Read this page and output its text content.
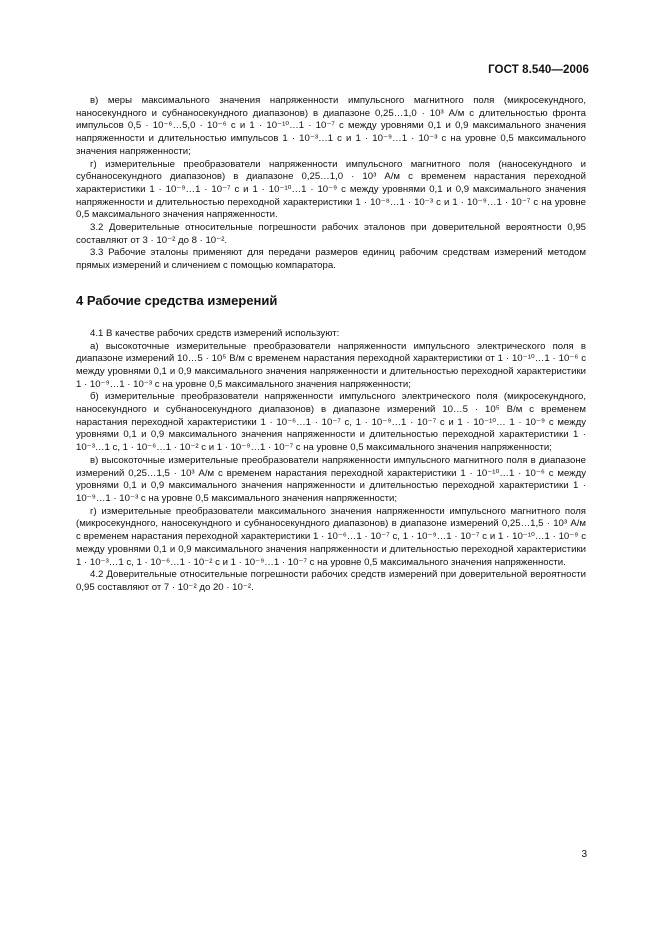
ГОСТ 8.540—2006

в) меры максимального значения напряженности импульсного магнитного поля (микросекундного, наносекундного и субнаносекундного диапазонов) в диапазоне 0,25…1,0 · 10³ А/м с длительностью фронта импульсов 0,5 · 10⁻⁶…5,0 · 10⁻⁶ с и 1 · 10⁻¹⁰…1 · 10⁻⁷ с между уровнями 0,1 и 0,9 максимального значения напряженности и длительностью импульсов 1 · 10⁻³…1 с и 1 · 10⁻⁹…1 · 10⁻³ с на уровне 0,5 максимального значения напряженности;

г) измерительные преобразователи напряженности импульсного магнитного поля (наносекундного и субнаносекундного диапазонов) в диапазоне 0,25…1,0 · 10³ А/м с временем нарастания переходной характеристики 1 · 10⁻⁹…1 · 10⁻⁷ с и 1 · 10⁻¹⁰…1 · 10⁻⁹ с между уровнями 0,1 и 0,9 максимального значения напряженности и длительностью переходной характеристики 1 · 10⁻⁸…1 · 10⁻³ с и 1 · 10⁻⁹…1 · 10⁻⁷ с на уровне 0,5 максимального значения напряженности.

3.2 Доверительные относительные погрешности рабочих эталонов при доверительной вероятности 0,95 составляют от 3 · 10⁻² до 8 · 10⁻².

3.3 Рабочие эталоны применяют для передачи размеров единиц рабочим средствам измерений методом прямых измерений и сличением с помощью компаратора.

4 Рабочие средства измерений

4.1 В качестве рабочих средств измерений используют:

а) высокоточные измерительные преобразователи напряженности импульсного электрического поля в диапазоне измерений 10…5 · 10⁵ В/м с временем нарастания переходной характеристики от 1 · 10⁻¹⁰…1 · 10⁻⁶ с между уровнями 0,1 и 0,9 максимального значения напряженности и длительностью переходной характеристики 1 · 10⁻⁹…1 · 10⁻³ с на уровне 0,5 максимального значения напряженности;

б) измерительные преобразователи напряженности импульсного электрического поля (микросекундного, наносекундного и субнаносекундного диапазонов) в диапазоне измерений 10…5 · 10⁵ В/м с временем нарастания переходной характеристики 1 · 10⁻⁶…1 · 10⁻⁷ с, 1 · 10⁻⁹…1 · 10⁻⁷ с и 1 · 10⁻¹⁰… 1 · 10⁻⁹ с между уровнями 0,1 и 0,9 максимального значения напряженности и длительностью переходной характеристики 1 · 10⁻³…1 с, 1 · 10⁻⁶…1 · 10⁻² с и 1 · 10⁻⁹…1 · 10⁻⁷ с на уровне 0,5 максимального значения напряженности;

в) высокоточные измерительные преобразователи напряженности импульсного магнитного поля в диапазоне измерений 0,25…1,5 · 10³ А/м с временем нарастания переходной характеристики 1 · 10⁻¹⁰…1 · 10⁻⁶ с между уровнями 0,1 и 0,9 максимального значения напряженности и длительностью переходной характеристики 1 · 10⁻⁹…1 · 10⁻³ с на уровне 0,5 максимального значения напряженности;

г) измерительные преобразователи максимального значения напряженности импульсного магнитного поля (микросекундного, наносекундного и субнаносекундного диапазонов) в диапазоне измерений 0,25…1,5 · 10³ А/м с временем нарастания переходной характеристики 1 · 10⁻⁶…1 · 10⁻⁷ с, 1 · 10⁻⁹…1 · 10⁻⁷ с и 1 · 10⁻¹⁰…1 · 10⁻⁹ с между уровнями 0,1 и 0,9 максимального значения напряженности и длительностью переходной характеристики 1 · 10⁻³…1 с, 1 · 10⁻⁶…1 · 10⁻² с и 1 · 10⁻⁹…1 · 10⁻⁷ с на уровне 0,5 максимального значения напряженности.

4.2 Доверительные относительные погрешности рабочих средств измерений при доверительной вероятности 0,95 составляют от 7 · 10⁻² до 20 · 10⁻².

3
